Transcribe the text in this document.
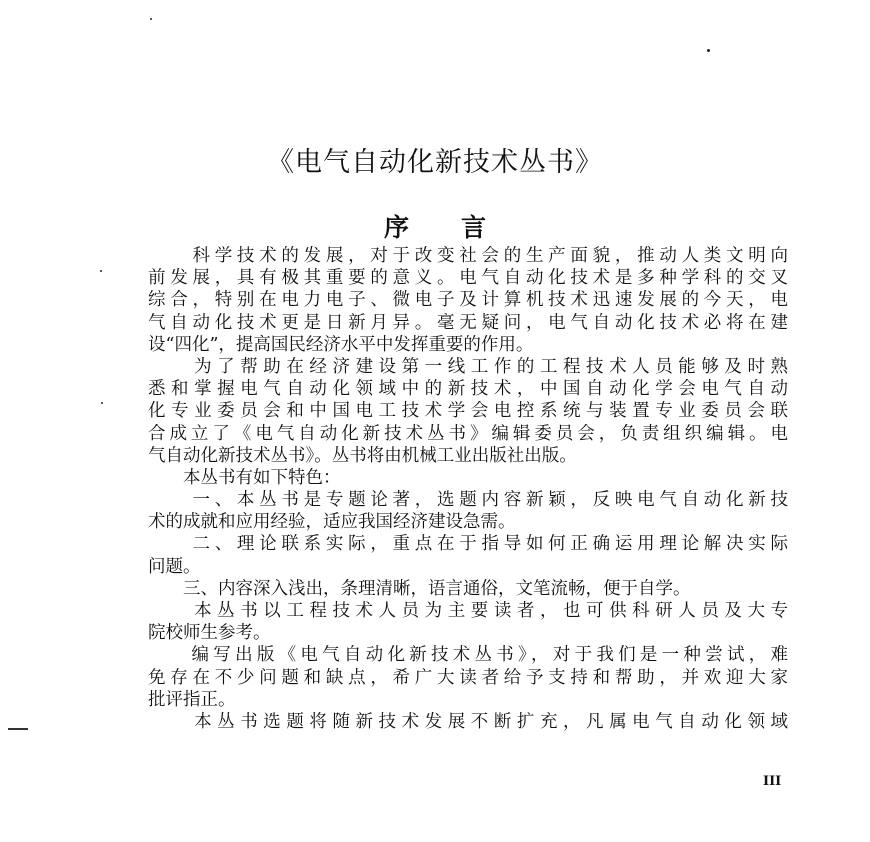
《电气自动化新技术丛书》
序言
　　科学技术的发展，对于改变社会的生产面貌，推动人类文明向
前发展，具有极其重要的意义。电气自动化技术是多种学科的交叉
综合，特别在电力电子、微电子及计算机技术迅速发展的今天，电
气自动化技术更是日新月异。毫无疑问，电气自动化技术必将在建
设“四化”，提高国民经济水平中发挥重要的作用。
　　为了帮助在经济建设第一线工作的工程技术人员能够及时熟
悉和掌握电气自动化领域中的新技术，中国自动化学会电气自动
化专业委员会和中国电工技术学会电控系统与装置专业委员会联
合成立了《电气自动化新技术丛书》编辑委员会，负责组织编辑。电
气自动化新技术丛书》。丛书将由机械工业出版社出版。
　　本丛书有如下特色：
　　一、本丛书是专题论著，选题内容新颖，反映电气自动化新技
术的成就和应用经验，适应我国经济建设急需。
　　二、理论联系实际，重点在于指导如何正确运用理论解决实际
问题。
　　三、内容深入浅出，条理清晰，语言通俗，文笔流畅，便于自学。
　　本丛书以工程技术人员为主要读者，也可供科研人员及大专
院校师生参考。
　　编写出版《电气自动化新技术丛书》，对于我们是一种尝试，难
免存在不少问题和缺点，希广大读者给予支持和帮助，并欢迎大家
批评指正。
　　本丛书选题将随新技术发展不断扩充，凡属电气自动化领域
III
